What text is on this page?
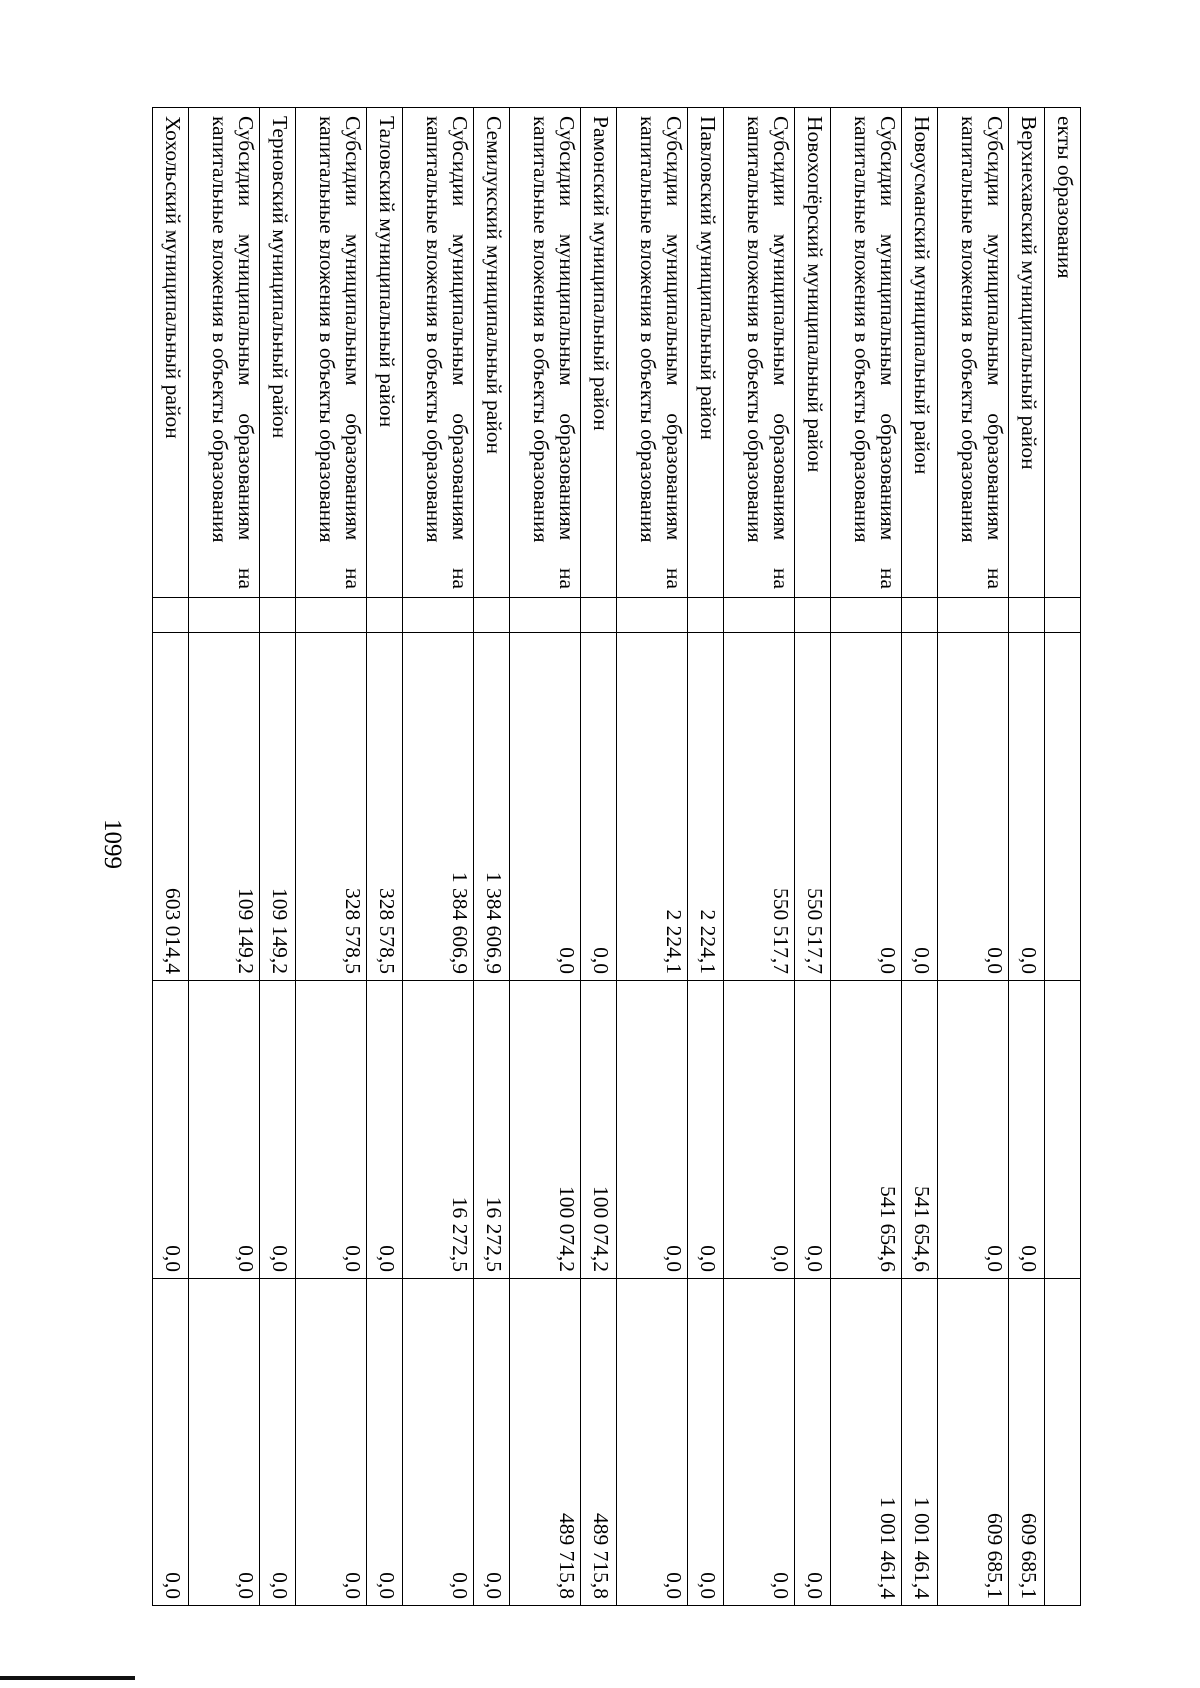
1099
екты образования				
Верхнехавский муниципальный район		0,0	0,0	609 685,1
Субсидии муниципальным образованиям на капитальные вложения в объекты образования		0,0	0,0	609 685,1
Новоусманский муниципальный район		0,0	541 654,6	1 001 461,4
Субсидии муниципальным образованиям на капитальные вложения в объекты образования		0,0	541 654,6	1 001 461,4
Новохопёрский муниципальный район		550 517,7	0,0	0,0
Субсидии муниципальным образованиям на капитальные вложения в объекты образования		550 517,7	0,0	0,0
Павловский муниципальный район		2 224,1	0,0	0,0
Субсидии муниципальным образованиям на капитальные вложения в объекты образования		2 224,1	0,0	0,0
Рамонский муниципальный район		0,0	100 074,2	489 715,8
Субсидии муниципальным образованиям на капитальные вложения в объекты образования		0,0	100 074,2	489 715,8
Семилукский муниципальный район		1 384 606,9	16 272,5	0,0
Субсидии муниципальным образованиям на капитальные вложения в объекты образования		1 384 606,9	16 272,5	0,0
Таловский муниципальный район		328 578,5	0,0	0,0
Субсидии муниципальным образованиям на капитальные вложения в объекты образования		328 578,5	0,0	0,0
Терновский муниципальный район		109 149,2	0,0	0,0
Субсидии муниципальным образованиям на капитальные вложения в объекты образования		109 149,2	0,0	0,0
Хохольский муниципальный район		603 014,4	0,0	0,0
